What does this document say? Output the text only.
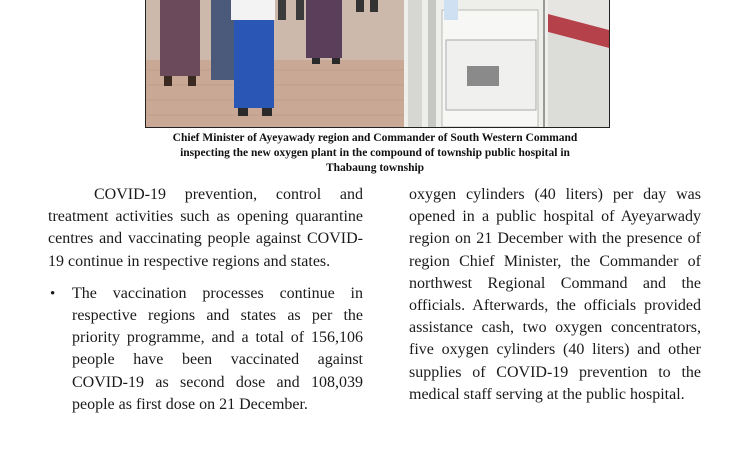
Chief Minister of Ayeyawady region and Commander of South Western Command
inspecting the new oxygen plant in the compound of township public hospital in
Thabaung township

COVID-19 prevention, control and treatment activities such as opening quarantine centres and vaccinating people against COVID-19 continue in respective regions and states.

• The vaccination processes continue in respective regions and states as per the priority programme, and a total of 156,106 people have been vaccinated against COVID-19 as second dose and 108,039 people as first dose on 21 December.

oxygen cylinders (40 liters) per day was opened in a public hospital of Ayeyarwady region on 21 December with the presence of region Chief Minister, the Commander of northwest Regional Command and the officials. Afterwards, the officials provided assistance cash, two oxygen concentrators, five oxygen cylinders (40 liters) and other supplies of COVID-19 prevention to the medical staff serving at the public hospital.
